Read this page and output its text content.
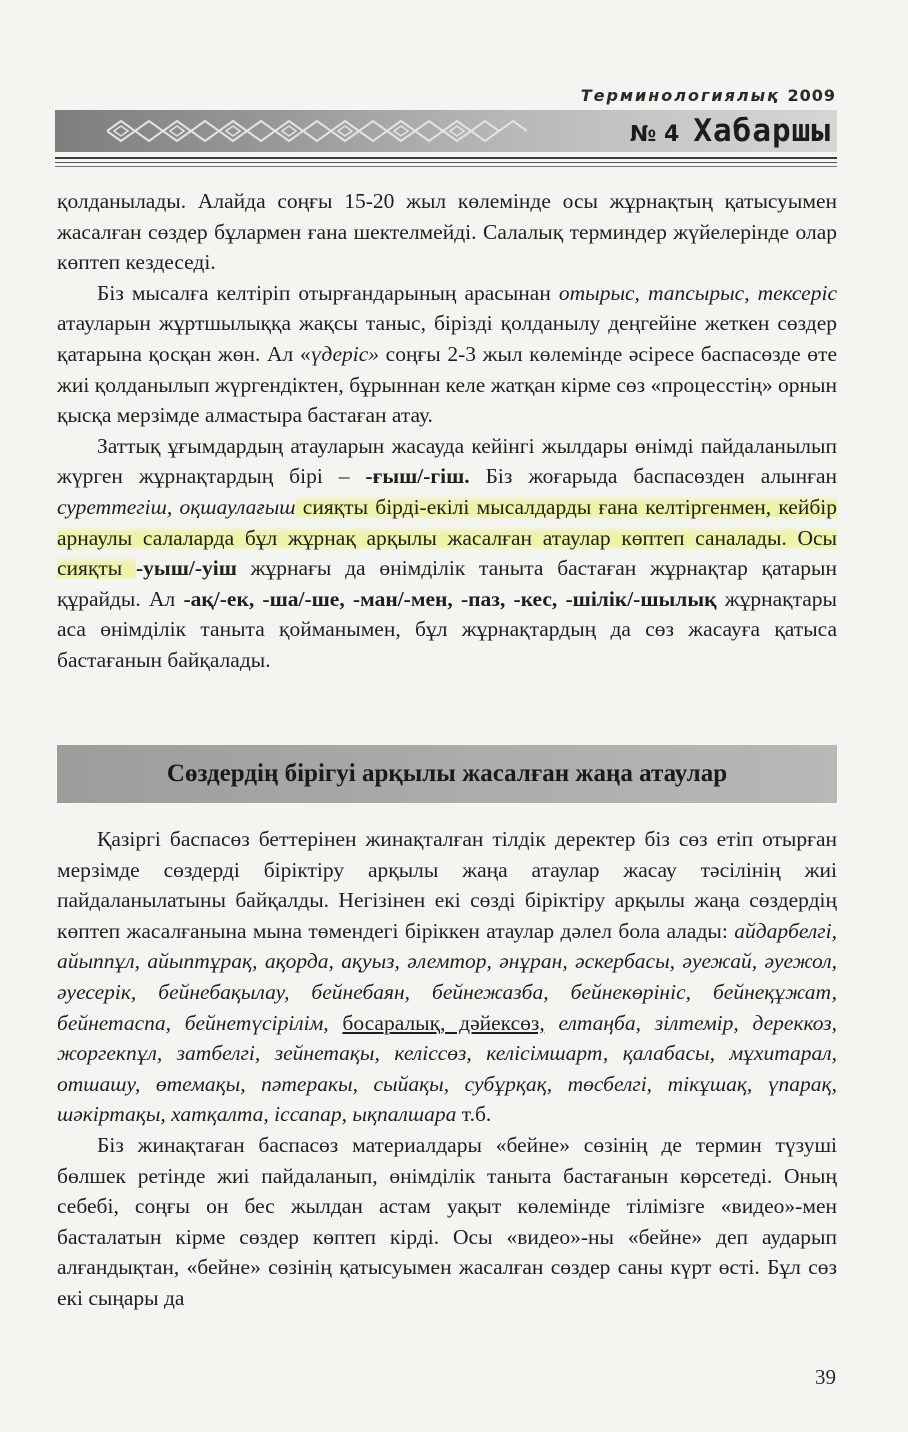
Терминологиялық 2009
№ 4 Хабаршы

қолданылады. Алайда соңғы 15-20 жыл көлемінде осы жұрнақтың қатысуымен жасалған сөздер бұлармен ғана шектелмейді. Салалық терминдер жүйелерінде олар көптеп кездеседі.

Біз мысалға келтіріп отырғандарының арасынан отырыс, тапсырыс, тексеріс атауларын жұртшылыққа жақсы таныс, бірізді қолданылу деңгейіне жеткен сөздер қатарына қосқан жөн. Ал «үдеріс» соңғы 2-3 жыл көлемінде әсіресе баспасөзде өте жиі қолданылып жүргендіктен, бұрыннан келе жатқан кірме сөз «процесстің» орнын қысқа мерзімде алмастыра бастаған атау.

Заттық ұғымдардың атауларын жасауда кейінгі жылдары өнімді пайдаланылып жүрген жұрнақтардың бірі – -ғыш/-гіш. Біз жоғарыда баспасөзден алынған суреттегіш, оқшаулағыш сияқты бірді-екілі мысалдарды ғана келтіргенмен, кейбір арнаулы салаларда бұл жұрнақ арқылы жасалған атаулар көптеп саналады. Осы сияқты -уыш/-уіш жұрнағы да өнімділік таныта бастаған жұрнақтар қатарын құрайды. Ал -ақ/-ек, -ша/-ше, -ман/-мен, -паз, -кес, -шілік/-шылық жұрнақтары аса өнімділік таныта қойманымен, бұл жұрнақтардың да сөз жасауға қатыса бастағанын байқалады.

Сөздердің бірігуі арқылы жасалған жаңа атаулар

Қазіргі баспасөз беттерінен жинақталған тілдік деректер біз сөз етіп отырған мерзімде сөздерді біріктіру арқылы жаңа атаулар жасау тәсілінің жиі пайдаланылатыны байқалды. Негізінен екі сөзді біріктіру арқылы жаңа сөздердің көптеп жасалғанына мына төмендегі біріккен атаулар дәлел бола алады: айдарбелгі, айыппұл, айыптұрақ, ақорда, ақуыз, әлемтор, әнұран, әскербасы, әуежай, әуежол, әуесерік, бейнебақылау, бейнебаян, бейнежазба, бейнекөрініс, бейнеқұжат, бейнетаспа, бейнетүсірілім, босаралық, дәйексөз, елтаңба, зілтемір, дереккоз, жоргекпұл, затбелгі, зейнетақы, келіссөз, келісімшарт, қалабасы, мұхитарал, отшашу, өтемақы, пәтеракы, сыйақы, субұрқақ, төсбелгі, тікұшақ, үпарақ, шәкіртақы, хатқалта, іссапар, ықпалшара т.б.

Біз жинақтаған баспасөз материалдары «бейне» сөзінің де термин түзуші бөлшек ретінде жиі пайдаланып, өнімділік таныта бастағанын көрсетеді. Оның себебі, соңғы он бес жылдан астам уақыт көлемінде тілімізге «видео»-мен басталатын кірме сөздер көптеп кірді. Осы «видео»-ны «бейне» деп аударып алғандықтан, «бейне» сөзінің қатысуымен жасалған сөздер саны күрт өсті. Бұл сөз екі сыңары да

39
